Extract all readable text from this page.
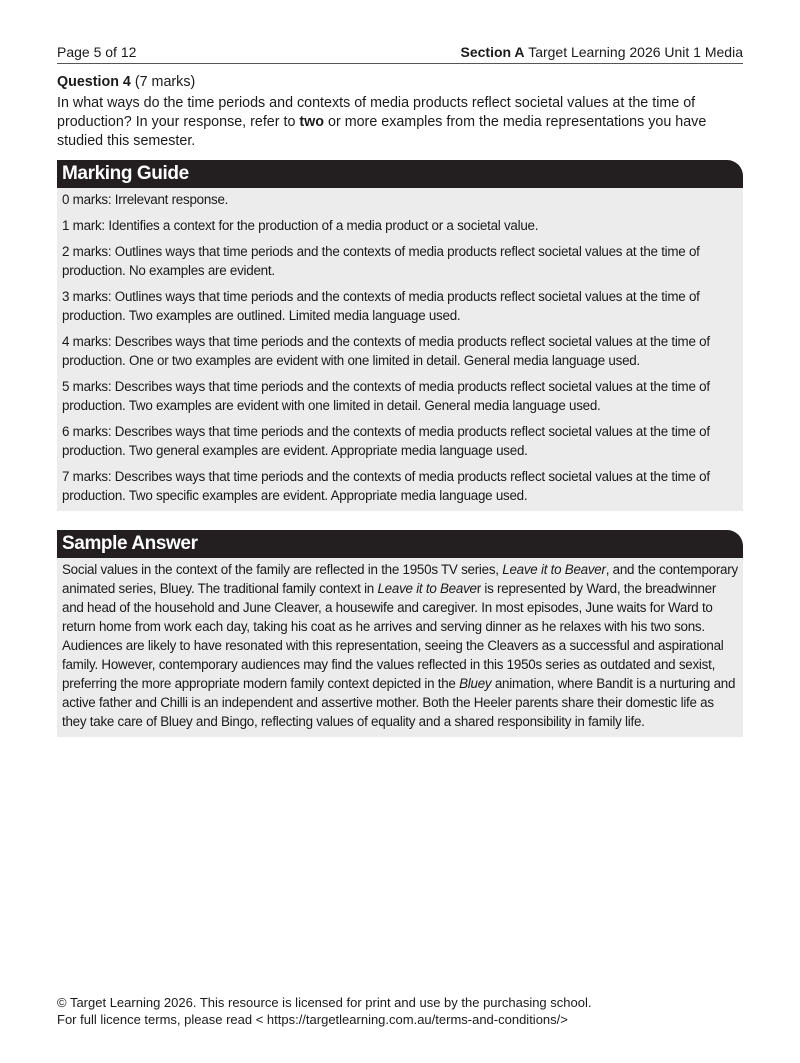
Page 5 of 12	Section A Target Learning 2026 Unit 1 Media
Question 4 (7 marks)

In what ways do the time periods and contexts of media products reflect societal values at the time of production? In your response, refer to two or more examples from the media representations you have studied this semester.

Marking Guide

0 marks: Irrelevant response.

1 mark: Identifies a context for the production of a media product or a societal value.

2 marks: Outlines ways that time periods and the contexts of media products reflect societal values at the time of production. No examples are evident.

3 marks: Outlines ways that time periods and the contexts of media products reflect societal values at the time of production. Two examples are outlined. Limited media language used.

4 marks: Describes ways that time periods and the contexts of media products reflect societal values at the time of production. One or two examples are evident with one limited in detail. General media language used.

5 marks: Describes ways that time periods and the contexts of media products reflect societal values at the time of production. Two examples are evident with one limited in detail. General media language used.

6 marks: Describes ways that time periods and the contexts of media products reflect societal values at the time of production. Two general examples are evident. Appropriate media language used.

7 marks: Describes ways that time periods and the contexts of media products reflect societal values at the time of production. Two specific examples are evident. Appropriate media language used.

Sample Answer

Social values in the context of the family are reflected in the 1950s TV series, Leave it to Beaver, and the contemporary animated series, Bluey. The traditional family context in Leave it to Beaver is represented by Ward, the breadwinner and head of the household and June Cleaver, a housewife and caregiver. In most episodes, June waits for Ward to return home from work each day, taking his coat as he arrives and serving dinner as he relaxes with his two sons. Audiences are likely to have resonated with this representation, seeing the Cleavers as a successful and aspirational family. However, contemporary audiences may find the values reflected in this 1950s series as outdated and sexist, preferring the more appropriate modern family context depicted in the Bluey animation, where Bandit is a nurturing and active father and Chilli is an independent and assertive mother. Both the Heeler parents share their domestic life as they take care of Bluey and Bingo, reflecting values of equality and a shared responsibility in family life.

© Target Learning 2026. This resource is licensed for print and use by the purchasing school.
For full licence terms, please read < https://targetlearning.com.au/terms-and-conditions/>
